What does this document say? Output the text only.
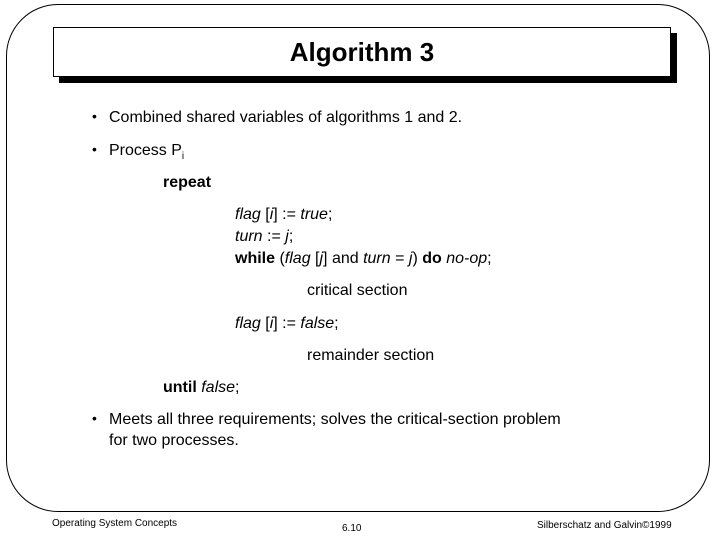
Algorithm 3
• Combined shared variables of algorithms 1 and 2.
• Process $P_i$
repeat
flag [i] := true;
turn := j;
while (flag [j] and turn = j) do no-op;
critical section
flag [i] := false;
remainder section
until false;
• Meets all three requirements; solves the critical-section problem
for two processes.
Operating System Concepts	6.10	Silberschatz and Galvin©1999
